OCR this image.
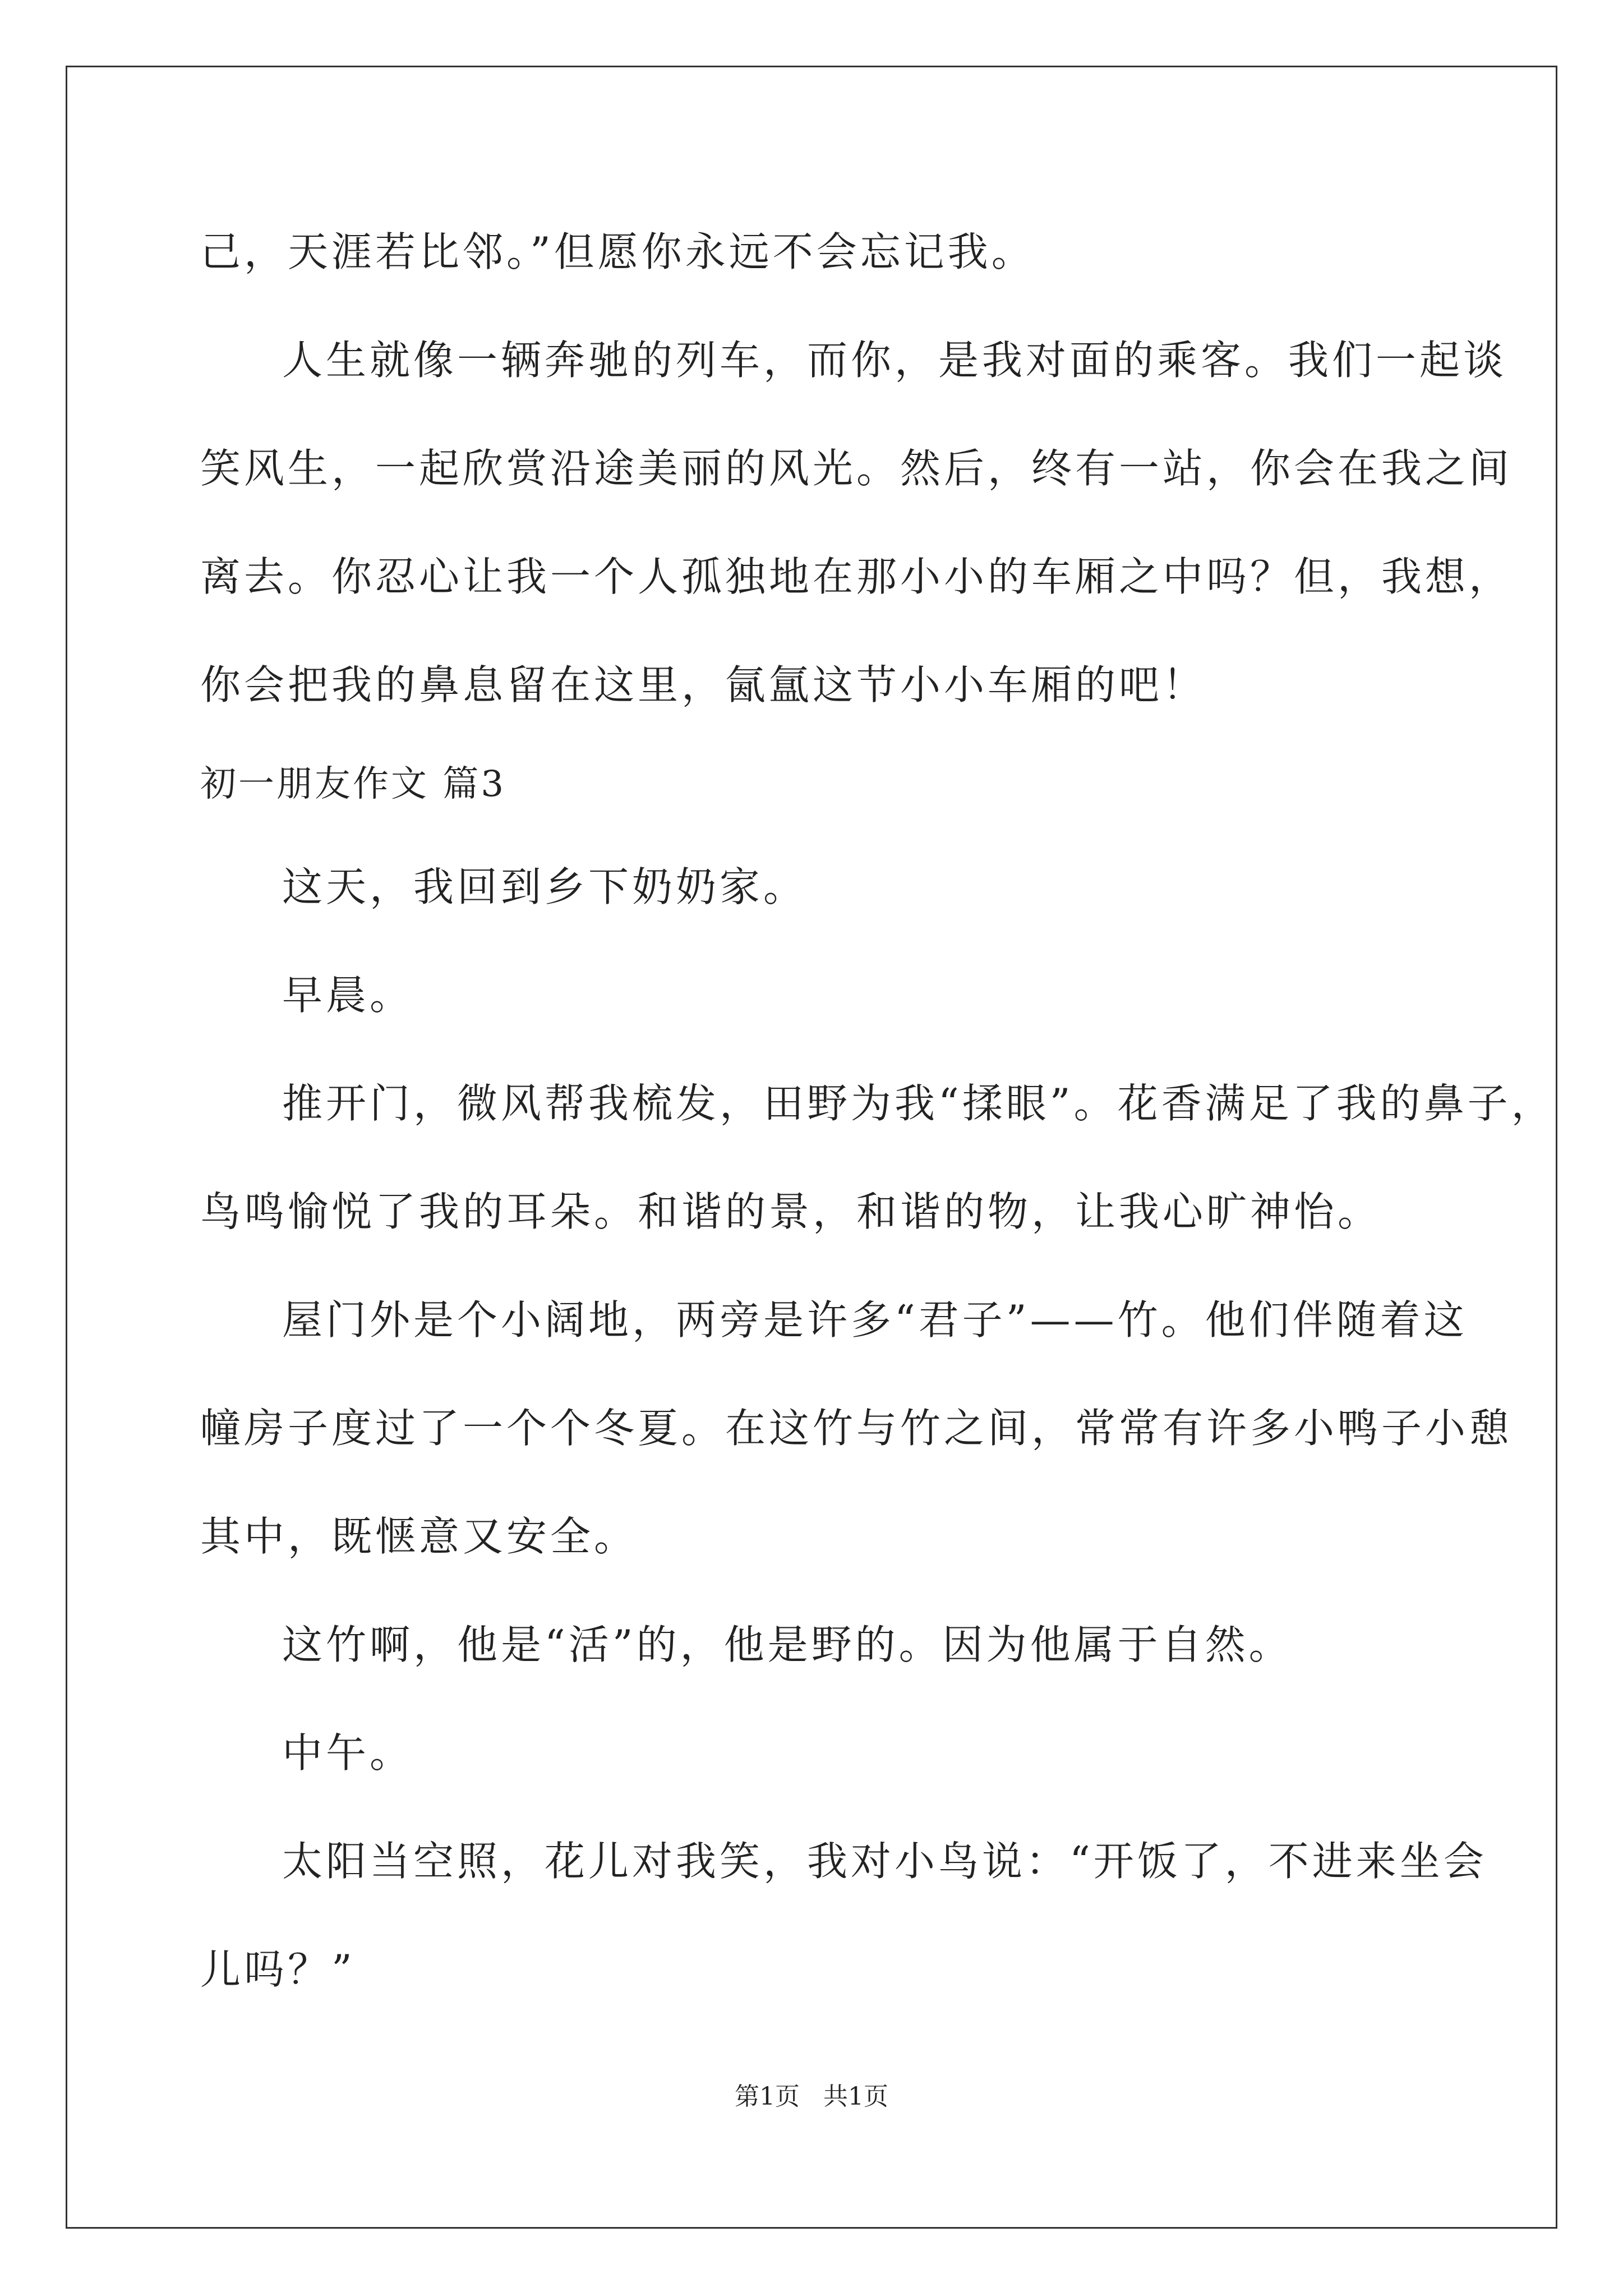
己，天涯若比邻。”但愿你永远不会忘记我。
人生就像一辆奔驰的列车，而你，是我对面的乘客。我们一起谈
笑风生，一起欣赏沿途美丽的风光。然后，终有一站，你会在我之间
离去。你忍心让我一个人孤独地在那小小的车厢之中吗？但，我想，
你会把我的鼻息留在这里，氤氲这节小小车厢的吧！
初一朋友作文 篇3
这天，我回到乡下奶奶家。
早晨。
推开门，微风帮我梳发，田野为我“揉眼”。花香满足了我的鼻子，
鸟鸣愉悦了我的耳朵。和谐的景，和谐的物，让我心旷神怡。
屋门外是个小阔地，两旁是许多“君子”——竹。他们伴随着这
幢房子度过了一个个冬夏。在这竹与竹之间，常常有许多小鸭子小憩
其中，既惬意又安全。
这竹啊，他是“活”的，他是野的。因为他属于自然。
中午。
太阳当空照，花儿对我笑，我对小鸟说：“开饭了，不进来坐会
儿吗？”
第1页   共1页
